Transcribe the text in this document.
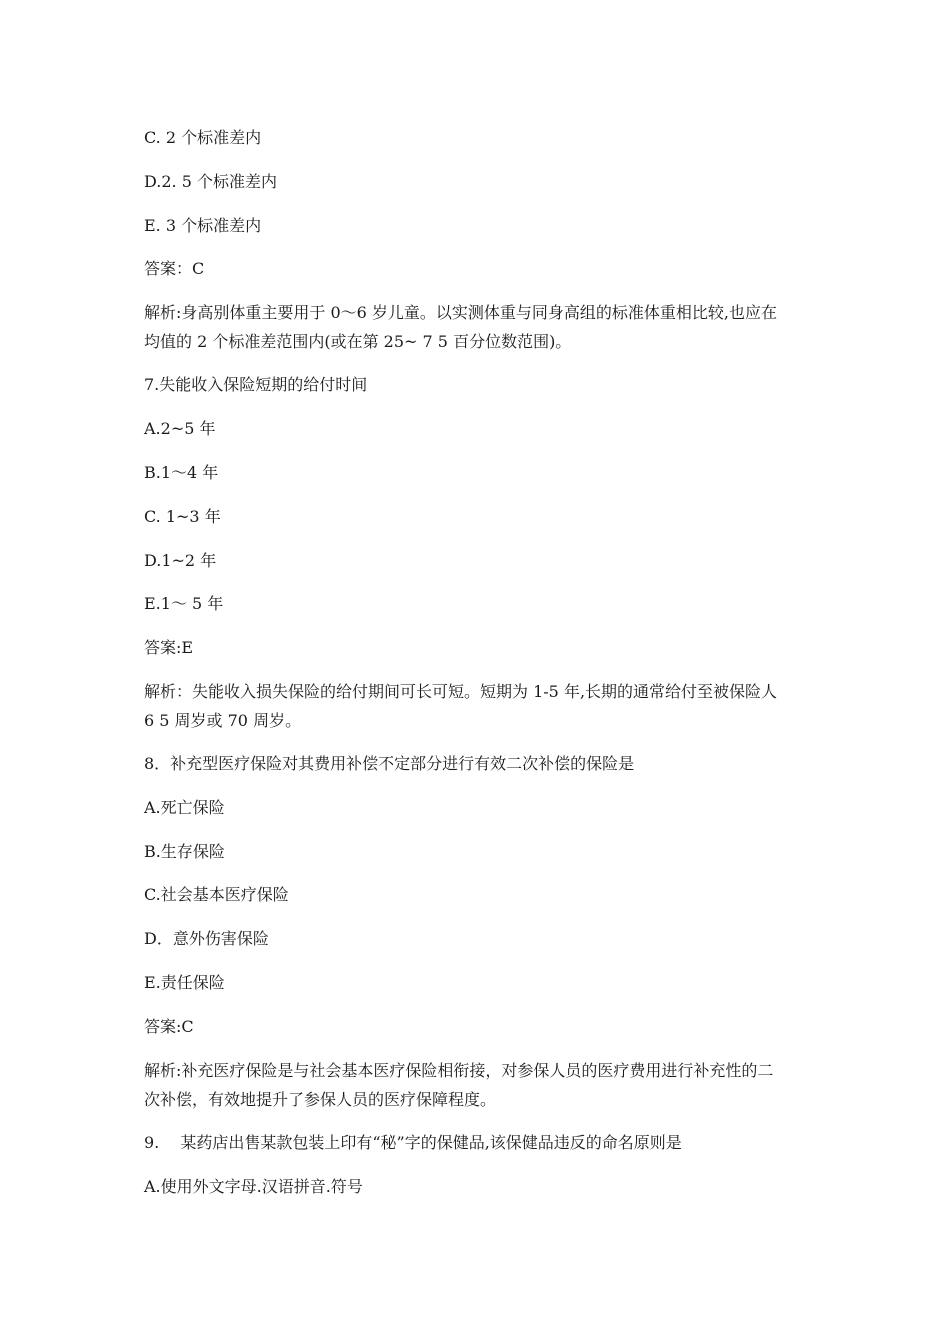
C. 2 个标准差内
D.2. 5 个标准差内
E. 3 个标准差内
答案：C
解析:身高别体重主要用于 0～6 岁儿童。以实测体重与同身高组的标准体重相比较,也应在
均值的 2 个标准差范围内(或在第 25~ 7 5 百分位数范围)。
7.失能收入保险短期的给付时间
A.2~5 年
B.1～4 年
C. 1~3 年
D.1~2 年
E.1～ 5 年
答案:E
解析：失能收入损失保险的给付期间可长可短。短期为 1-5 年,长期的通常给付至被保险人
6 5 周岁或 70 周岁。
8．补充型医疗保险对其费用补偿不定部分进行有效二次补偿的保险是
A.死亡保险
B.生存保险
C.社会基本医疗保险
D．意外伤害保险
E.责任保险
答案:C
解析:补充医疗保险是与社会基本医疗保险相衔接，对参保人员的医疗费用进行补充性的二
次补偿，有效地提升了参保人员的医疗保障程度。
9.　 某药店出售某款包装上印有“秘”字的保健品,该保健品违反的命名原则是
A.使用外文字母.汉语拼音.符号
